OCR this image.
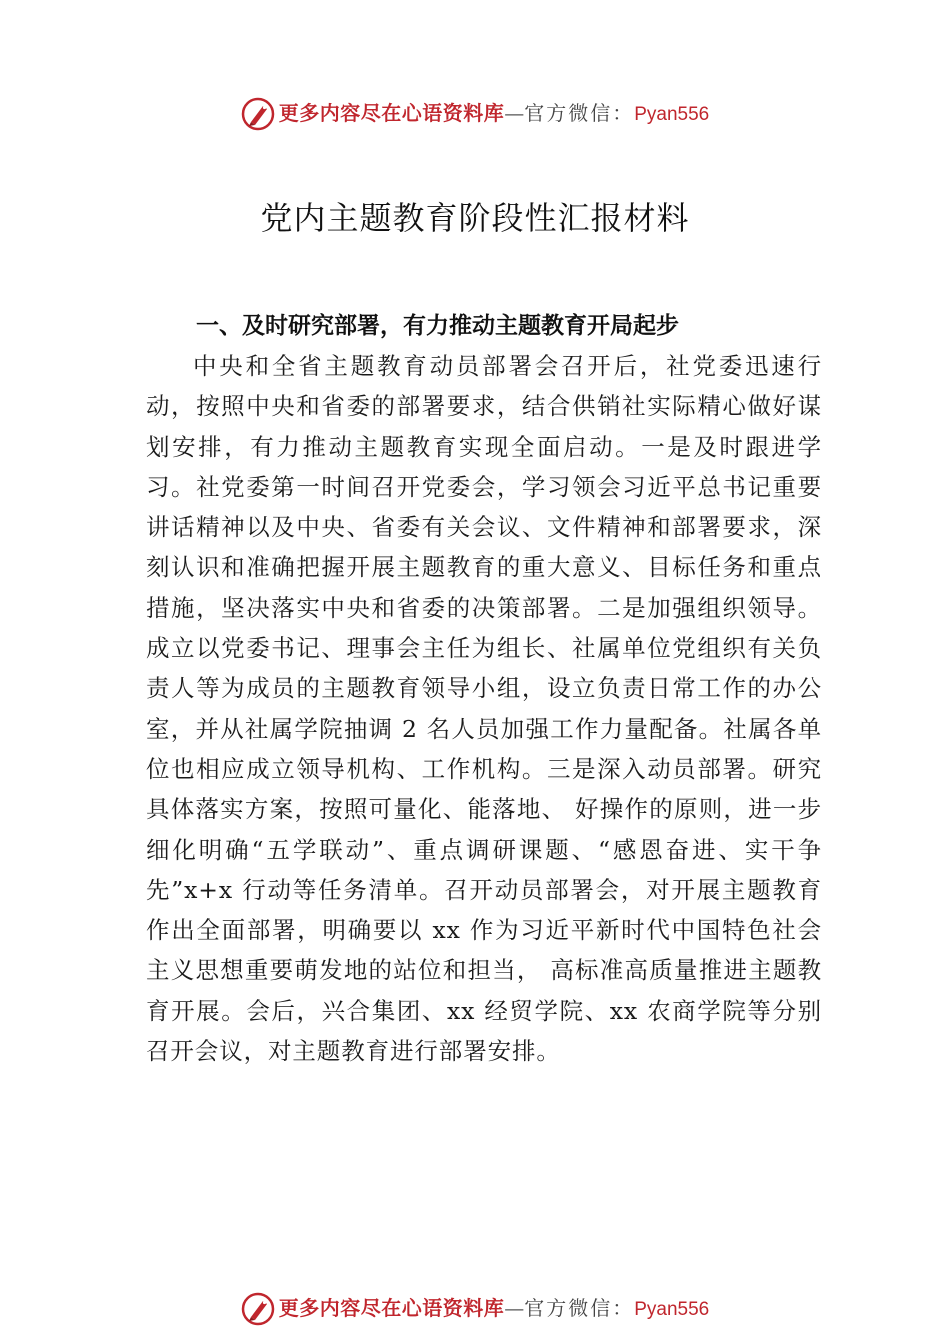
更多内容尽在心语资料库—官方微信：Pyan556
党内主题教育阶段性汇报材料
一、及时研究部署，有力推动主题教育开局起步

中央和全省主题教育动员部署会召开后，社党委迅速行动，按照中央和省委的部署要求，结合供销社实际精心做好谋划安排，有力推动主题教育实现全面启动。一是及时跟进学习。社党委第一时间召开党委会，学习领会习近平总书记重要讲话精神以及中央、省委有关会议、文件精神和部署要求，深刻认识和准确把握开展主题教育的重大意义、目标任务和重点措施，坚决落实中央和省委的决策部署。二是加强组织领导。成立以党委书记、理事会主任为组长、社属单位党组织有关负责人等为成员的主题教育领导小组，设立负责日常工作的办公室，并从社属学院抽调 2 名人员加强工作力量配备。社属各单位也相应成立领导机构、工作机构。三是深入动员部署。研究具体落实方案，按照可量化、能落地、 好操作的原则，进一步细化明确“五学联动”、重点调研课题、“感恩奋进、实干争先”x+x 行动等任务清单。召开动员部署会，对开展主题教育作出全面部署，明确要以 xx 作为习近平新时代中国特色社会主义思想重要萌发地的站位和担当， 高标准高质量推进主题教育开展。会后，兴合集团、xx 经贸学院、xx 农商学院等分别召开会议，对主题教育进行部署安排。

更多内容尽在心语资料库—官方微信：Pyan556
